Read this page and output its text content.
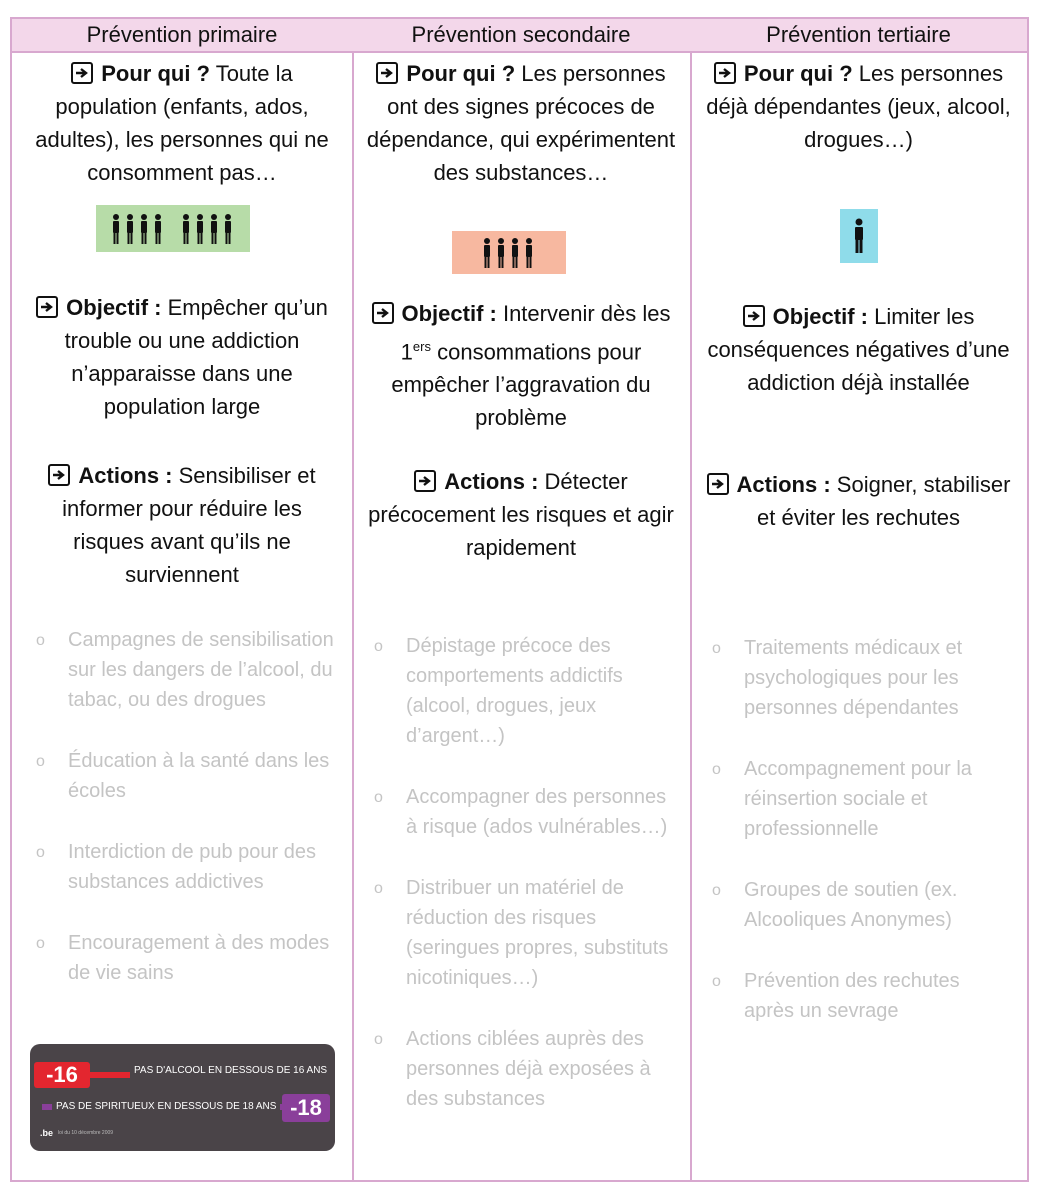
Prévention primaire
Pour qui ? Toute la population (enfants, ados, adultes), les personnes qui ne consomment pas…
Objectif : Empêcher qu’un trouble ou une addiction n’apparaisse dans une population large
Actions : Sensibiliser et informer pour réduire les risques avant qu’ils ne surviennent
o Campagnes de sensibilisation sur les dangers de l’alcool, du tabac, ou des drogues
o Éducation à la santé dans les écoles
o Interdiction de pub pour des substances addictives
o Encouragement à des modes de vie sains
-16	PAS D'ALCOOL EN DESSOUS DE 16 ANS
PAS DE SPIRITUEUX EN DESSOUS DE 18 ANS -18
.be loi du 10 décembre 2009
Prévention secondaire
Pour qui ? Les personnes ont des signes précoces de dépendance, qui expérimentent des substances…
Objectif : Intervenir dès les 1ers consommations pour empêcher l’aggravation du problème
Actions : Détecter précocement les risques et agir rapidement
o Dépistage précoce des comportements addictifs (alcool, drogues, jeux d’argent…)
o Accompagner des personnes à risque (ados vulnérables…)
o Distribuer un matériel de réduction des risques (seringues propres, substituts nicotiniques…)
o Actions ciblées auprès des personnes déjà exposées à des substances
Prévention tertiaire
Pour qui ? Les personnes déjà dépendantes (jeux, alcool, drogues…)
Objectif : Limiter les conséquences négatives d’une addiction déjà installée
Actions : Soigner, stabiliser et éviter les rechutes
o Traitements médicaux et psychologiques pour les personnes dépendantes
o Accompagnement pour la réinsertion sociale et professionnelle
o Groupes de soutien (ex. Alcooliques Anonymes)
o Prévention des rechutes après un sevrage
